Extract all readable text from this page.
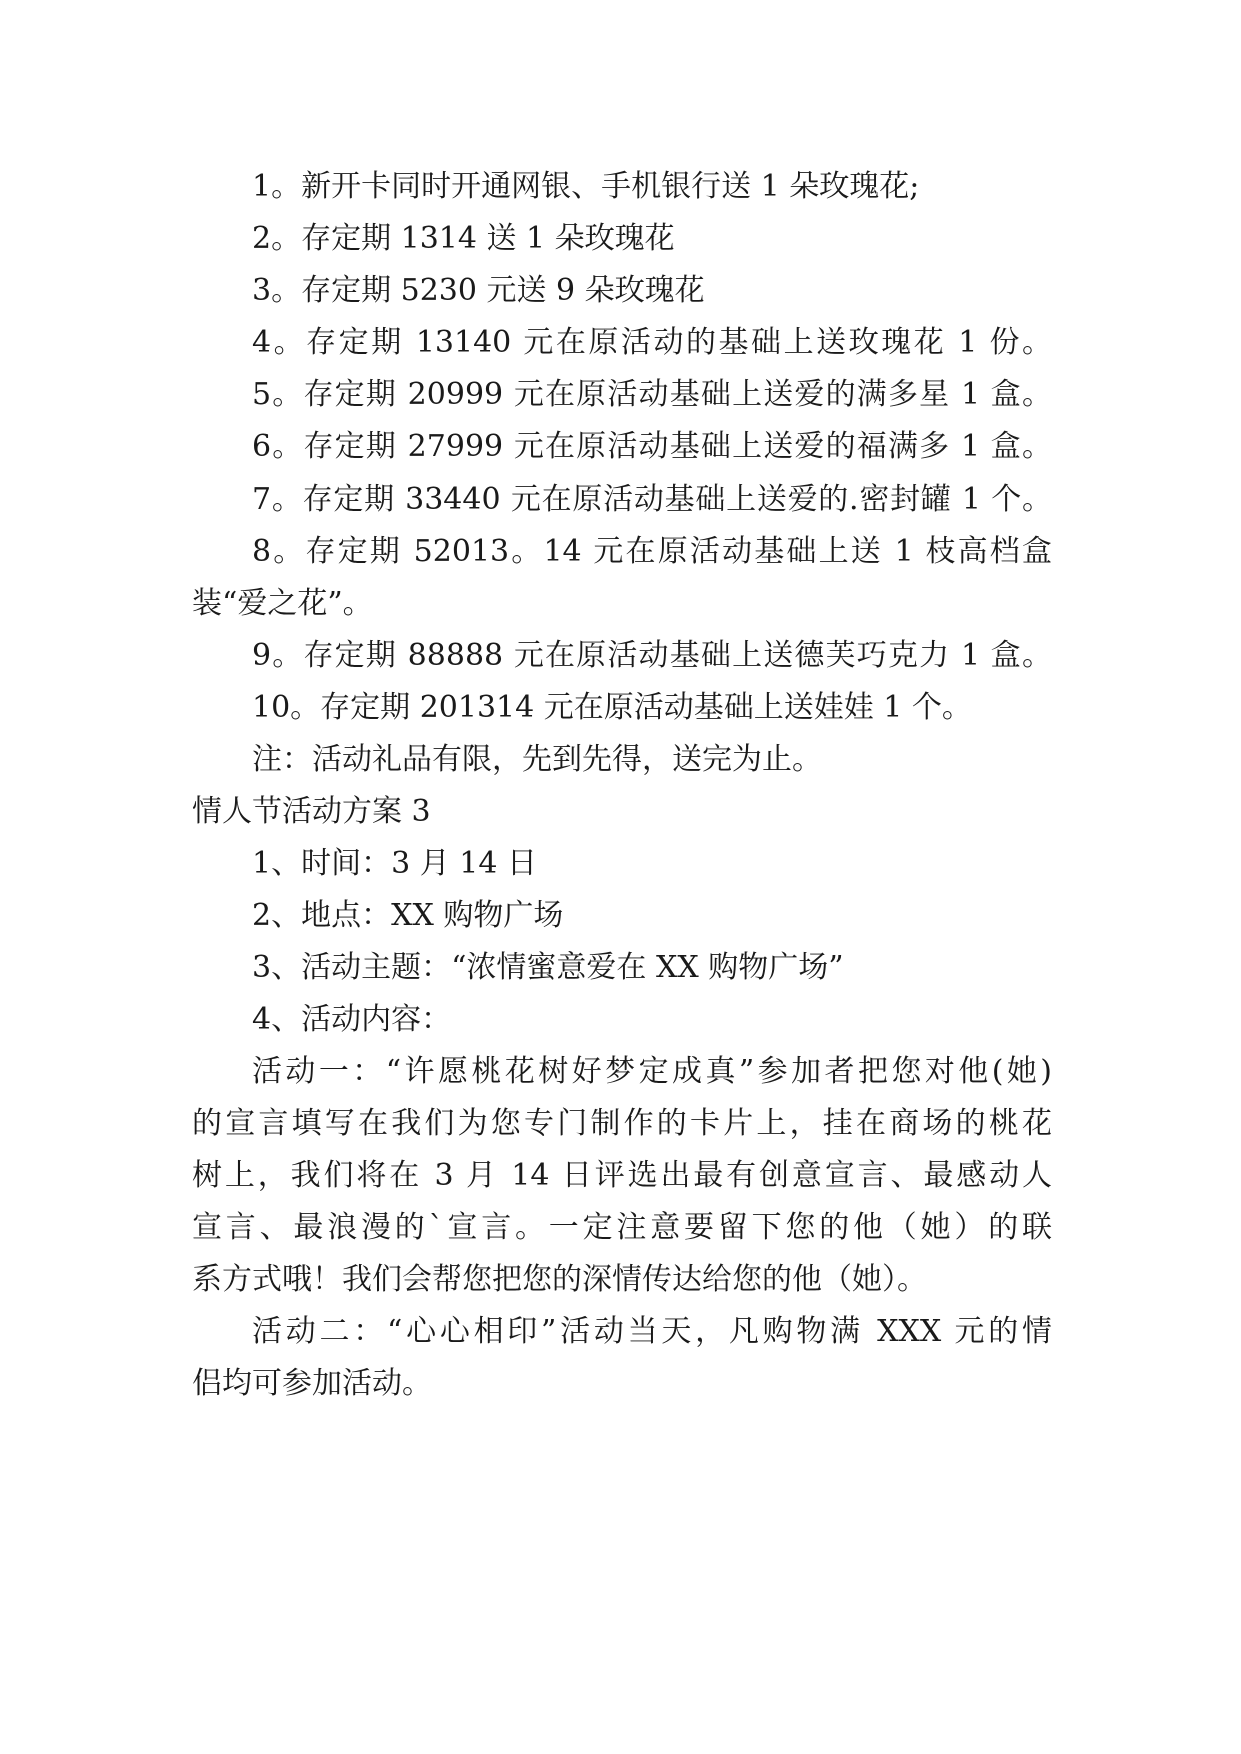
1。新开卡同时开通网银、手机银行送 1 朵玫瑰花;
2。存定期 1314 送 1 朵玫瑰花
3。存定期 5230 元送 9 朵玫瑰花
4。存定期 13140 元在原活动的基础上送玫瑰花 1 份。
5。存定期 20999 元在原活动基础上送爱的满多星 1 盒。
6。存定期 27999 元在原活动基础上送爱的福满多 1 盒。
7。存定期 33440 元在原活动基础上送爱的.密封罐 1 个。
8。存定期 52013。14 元在原活动基础上送 1 枝高档盒
装“爱之花”。
9。存定期 88888 元在原活动基础上送德芙巧克力 1 盒。
10。存定期 201314 元在原活动基础上送娃娃 1 个。
注：活动礼品有限，先到先得，送完为止。
情人节活动方案 3
1、时间：3 月 14 日
2、地点：XX 购物广场
3、活动主题：“浓情蜜意爱在 XX 购物广场”
4、活动内容：
活动一：“许愿桃花树好梦定成真”参加者把您对他(她)
的宣言填写在我们为您专门制作的卡片上，挂在商场的桃花
树上，我们将在 3 月 14 日评选出最有创意宣言、最感动人
宣言、最浪漫的`宣言。一定注意要留下您的他（她）的联
系方式哦！我们会帮您把您的深情传达给您的他（她）。
活动二：“心心相印”活动当天，凡购物满 XXX 元的情
侣均可参加活动。
